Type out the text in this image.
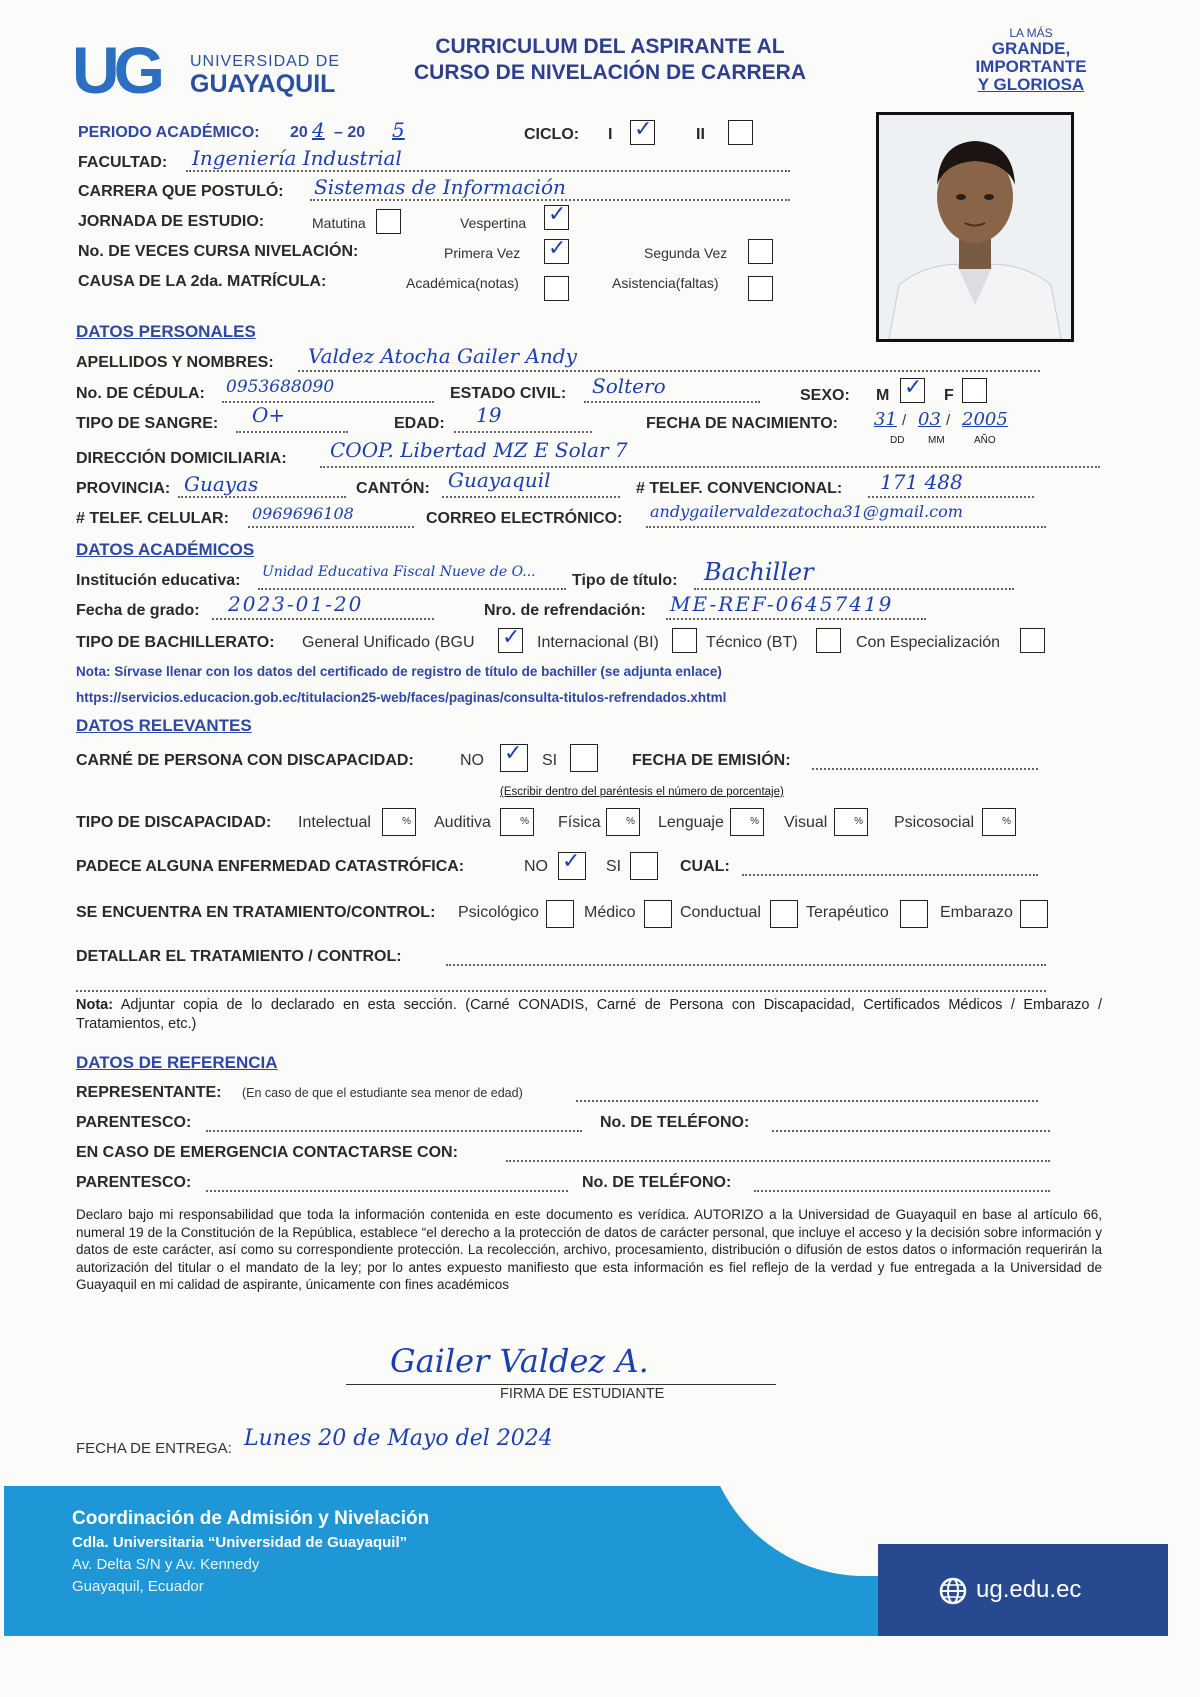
UG UNIVERSIDAD DE
GUAYAQUIL
CURRICULUM DEL ASPIRANTE AL
CURSO DE NIVELACIÓN DE CARRERA
LA MÁS
GRANDE,
IMPORTANTE
Y GLORIOSA
PERIODO ACADÉMICO: 20 4 – 20 5	CICLO: I ✓	II
FACULTAD: Ingeniería Industrial
CARRERA QUE POSTULÓ: Sistemas de Información
JORNADA DE ESTUDIO:	Matutina	Vespertina ✓
No. DE VECES CURSA NIVELACIÓN:	Primera Vez ✓	Segunda Vez
CAUSA DE LA 2da. MATRÍCULA:	Académica(notas)	Asistencia(faltas)
DATOS PERSONALES
APELLIDOS Y NOMBRES: Valdez Atocha Gailer Andy
No. DE CÉDULA: 0953688090	ESTADO CIVIL: Soltero	SEXO: M ✓ F
TIPO DE SANGRE: O+	EDAD: 19	FECHA DE NACIMIENTO: 31 / 03 / 2005
DD MM	AÑO
DIRECCIÓN DOMICILIARIA: COOP. Libertad MZ E Solar 7
PROVINCIA: Guayas	CANTÓN: Guayaquil	# TELEF. CONVENCIONAL: 171 488
# TELEF. CELULAR: 0969696108	CORREO ELECTRÓNICO: andygailervaldezatocha31@gmail.com
DATOS ACADÉMICOS
Institución educativa: Unidad Educativa Fiscal Nueve de O... Tipo de título: Bachiller
Fecha de grado: 2023-01-20	Nro. de refrendación: ME-REF-06457419
TIPO DE BACHILLERATO: General Unificado (BGU ✓ Internacional (BI)	Técnico (BT)	Con Especialización
Nota: Sírvase llenar con los datos del certificado de registro de título de bachiller (se adjunta enlace)
https://servicios.educacion.gob.ec/titulacion25-web/faces/paginas/consulta-titulos-refrendados.xhtml
DATOS RELEVANTES
CARNÉ DE PERSONA CON DISCAPACIDAD:	NO ✓ SI	FECHA DE EMISIÓN:
(Escribir dentro del paréntesis el número de porcentaje)
TIPO DE DISCAPACIDAD: Intelectual	%	Auditiva	%	Física	%	Lenguaje	%	Visual	%	Psicosocial	%
PADECE ALGUNA ENFERMEDAD CATASTRÓFICA:	NO ✓ SI	CUAL:
SE ENCUENTRA EN TRATAMIENTO/CONTROL: Psicológico	Médico	Conductual	Terapéutico	Embarazo
DETALLAR EL TRATAMIENTO / CONTROL:
Nota: Adjuntar copia de lo declarado en esta sección. (Carné CONADIS, Carné de Persona con Discapacidad, Certificados Médicos / Embarazo / Tratamientos, etc.)
DATOS DE REFERENCIA
REPRESENTANTE: (En caso de que el estudiante sea menor de edad)
PARENTESCO:	No. DE TELÉFONO:
EN CASO DE EMERGENCIA CONTACTARSE CON:
PARENTESCO:	No. DE TELÉFONO:
Declaro bajo mi responsabilidad que toda la información contenida en este documento es verídica. AUTORIZO a la Universidad de Guayaquil en base al artículo 66, numeral 19 de la Constitución de la República, establece “el derecho a la protección de datos de carácter personal, que incluye el acceso y la decisión sobre información y datos de este carácter, así como su correspondiente protección. La recolección, archivo, procesamiento, distribución o difusión de estos datos o información requerirán la autorización del titular o el mandato de la ley; por lo antes expuesto manifiesto que esta información es fiel reflejo de la verdad y fue entregada a la Universidad de Guayaquil en mi calidad de aspirante, únicamente con fines académicos
Gailer Valdez A.
FIRMA DE ESTUDIANTE
FECHA DE ENTREGA: Lunes 20 de Mayo del 2024
Coordinación de Admisión y Nivelación
Cdla. Universitaria “Universidad de Guayaquil”
Av. Delta S/N y Av. Kennedy
Guayaquil, Ecuador	ug.edu.ec
